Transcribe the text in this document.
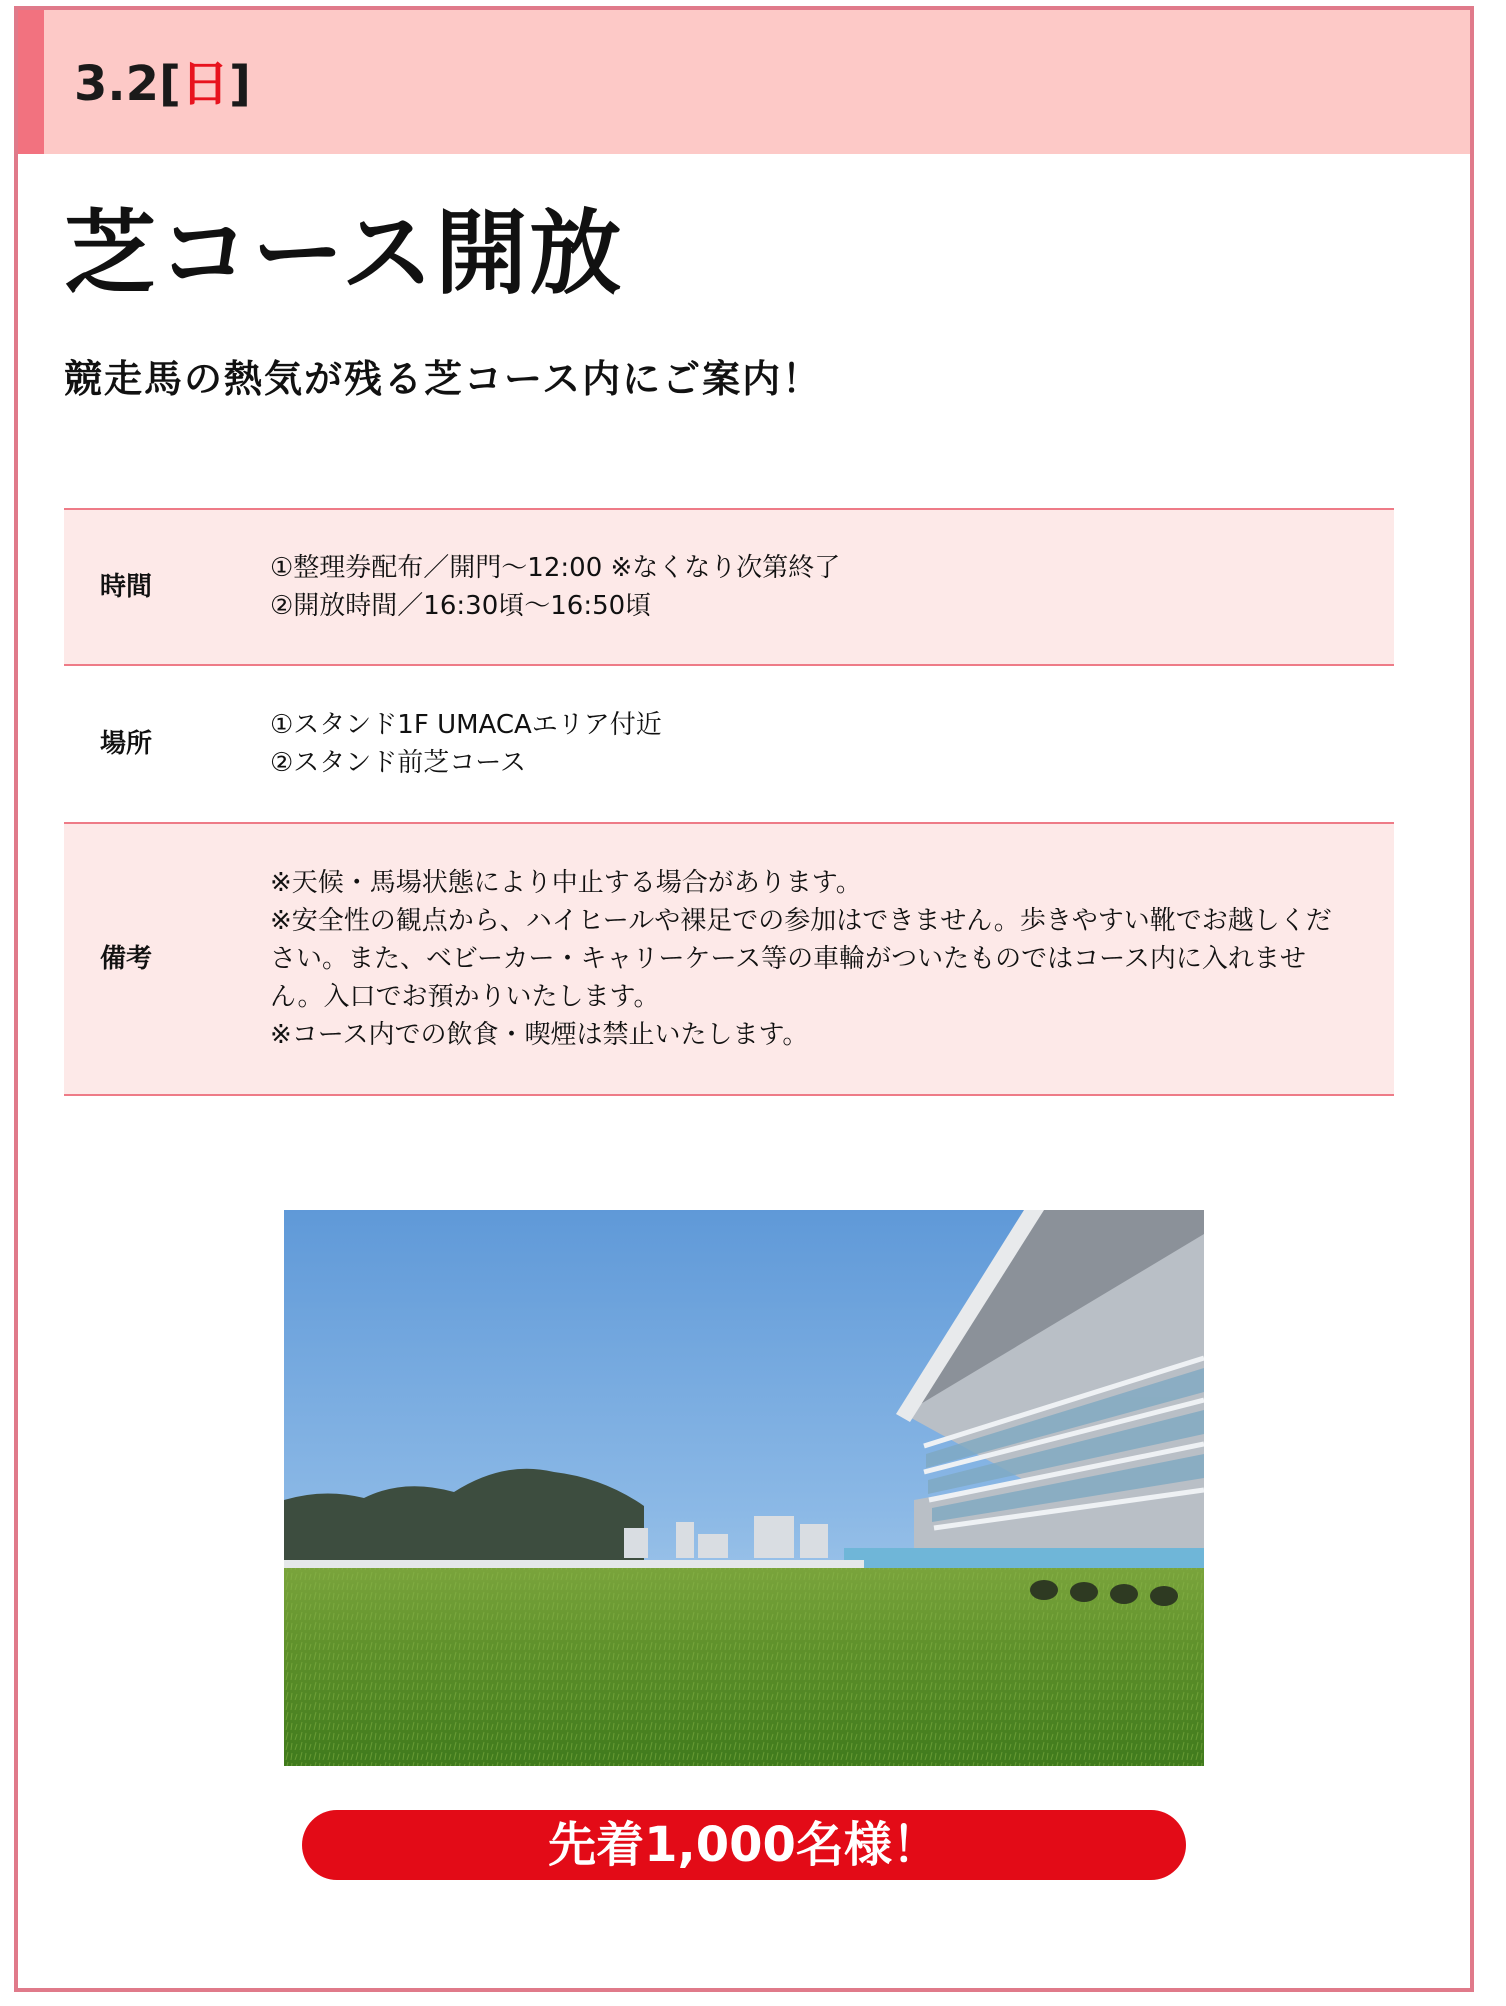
3.2[日]
芝コース開放
競走馬の熱気が残る芝コース内にご案内！
時間
①整理券配布／開門〜12:00 ※なくなり次第終了
②開放時間／16:30頃〜16:50頃
場所
①スタンド1F UMACAエリア付近
②スタンド前芝コース
備考
※天候・馬場状態により中止する場合があります。
※安全性の観点から、ハイヒールや裸足での参加はできません。歩きやすい靴でお越しください。また、ベビーカー・キャリーケース等の車輪がついたものではコース内に入れません。入口でお預かりいたします。
※コース内での飲食・喫煙は禁止いたします。
先着1,000名様！
